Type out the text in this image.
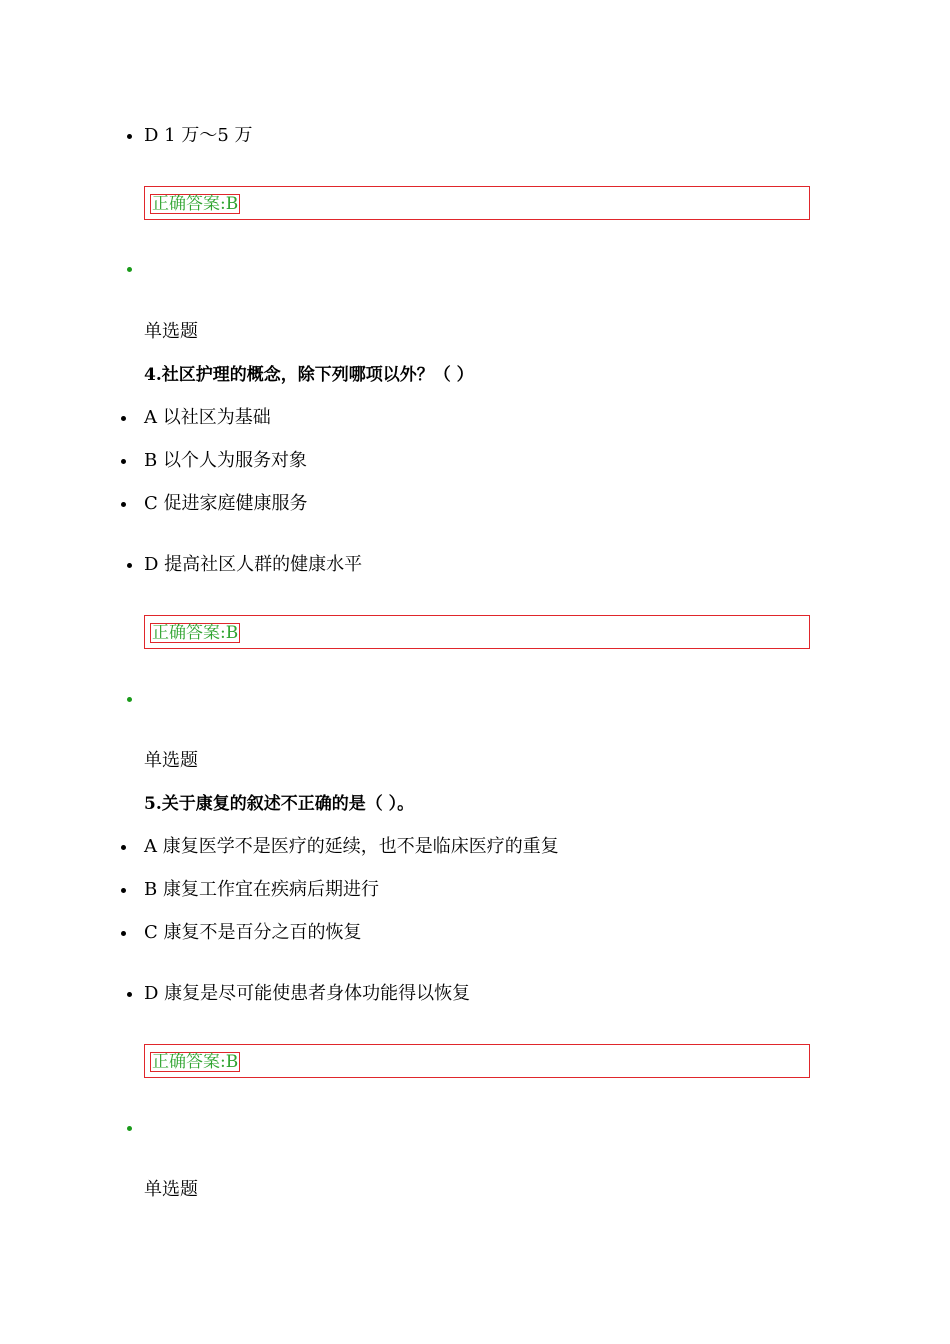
D 1 万～5 万
正确答案:B
单选题
4.社区护理的概念，除下列哪项以外？（ ）
A 以社区为基础
B 以个人为服务对象
C 促进家庭健康服务
D 提高社区人群的健康水平
正确答案:B
单选题
5.关于康复的叙述不正确的是（ ）。
A 康复医学不是医疗的延续，也不是临床医疗的重复
B 康复工作宜在疾病后期进行
C 康复不是百分之百的恢复
D 康复是尽可能使患者身体功能得以恢复
正确答案:B
单选题
